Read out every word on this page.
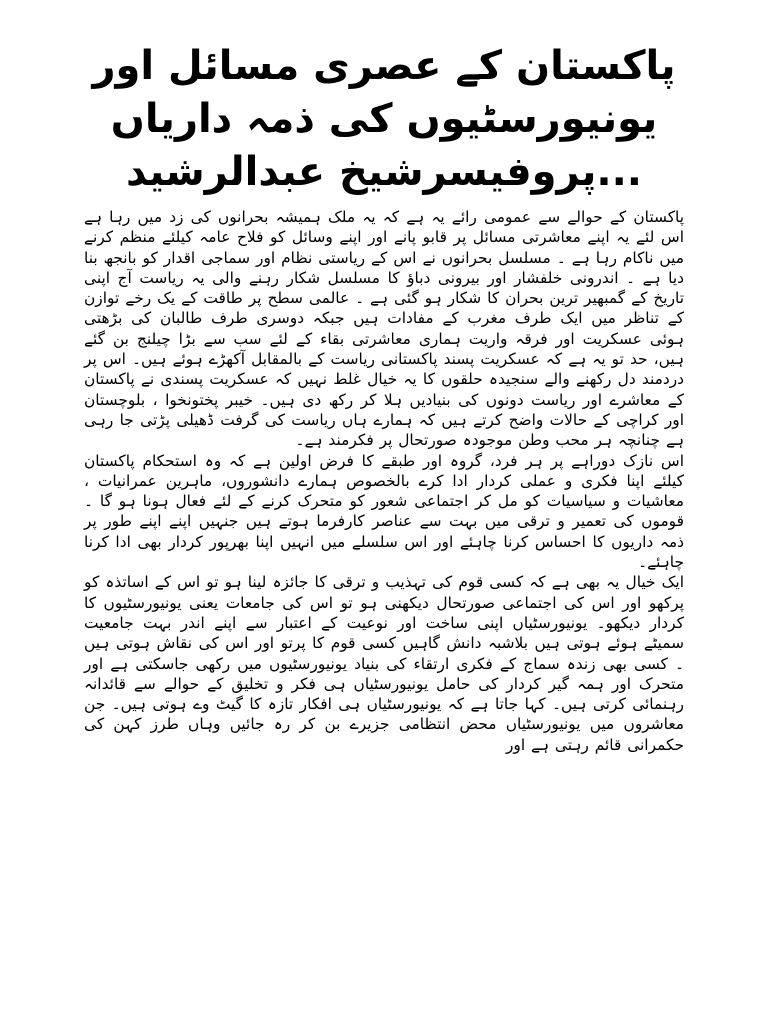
پاکستان کے عصری مسائل اور یونیورسٹیوں کی ذمہ داریاں ...پروفیسرشیخ عبدالرشید

پاکستان کے حوالے سے عمومی رائے یہ ہے کہ یہ ملک ہمیشہ بحرانوں کی زد میں رہا ہے اس لئے یہ اپنے معاشرتی مسائل پر قابو پانے اور اپنے وسائل کو فلاح عامہ کیلئے منظم کرنے میں ناکام رہا ہے ۔ مسلسل بحرانوں نے اس کے ریاستی نظام اور سماجی اقدار کو بانجھ بنا دیا ہے ۔ اندرونی خلفشار اور بیرونی دباؤ کا مسلسل شکار رہنے والی یہ ریاست آج اپنی تاریخ کے گمبھیر ترین بحران کا شکار ہو گئی ہے ۔ عالمی سطح پر طاقت کے یک رخے توازن کے تناظر میں ایک طرف مغرب کے مفادات ہیں جبکہ دوسری طرف طالبان کی بڑھتی ہوئی عسکریت اور فرقہ واریت ہماری معاشرتی بقاء کے لئے سب سے بڑا چیلنج بن گئے ہیں، حد تو یہ ہے کہ عسکریت پسند پاکستانی ریاست کے بالمقابل آکھڑے ہوئے ہیں۔ اس پر دردمند دل رکھنے والے سنجیدہ حلقوں کا یہ خیال غلط نہیں کہ عسکریت پسندی نے پاکستان کے معاشرے اور ریاست دونوں کی بنیادیں ہلا کر رکھ دی ہیں۔ خیبر پختونخوا ، بلوچستان اور کراچی کے حالات واضح کرتے ہیں کہ ہمارے ہاں ریاست کی گرفت ڈھیلی پڑتی جا رہی ہے چنانچہ ہر محب وطن موجودہ صورتحال پر فکرمند ہے۔

اس نازک دوراہے پر ہر فرد، گروہ اور طبقے کا فرض اولین ہے کہ وہ استحکام پاکستان کیلئے اپنا فکری و عملی کردار ادا کرے بالخصوص ہمارے دانشوروں، ماہرین عمرانیات ، معاشیات و سیاسیات کو مل کر اجتماعی شعور کو متحرک کرنے کے لئے فعال ہونا ہو گا ۔ قوموں کی تعمیر و ترقی میں بہت سے عناصر کارفرما ہوتے ہیں جنہیں اپنے اپنے طور پر ذمہ داریوں کا احساس کرنا چاہئے اور اس سلسلے میں انہیں اپنا بھرپور کردار بھی ادا کرنا چاہئے۔

ایک خیال یہ بھی ہے کہ کسی قوم کی تہذیب و ترقی کا جائزہ لینا ہو تو اس کے اساتذہ کو پرکھو اور اس کی اجتماعی صورتحال دیکھنی ہو تو اس کی جامعات یعنی یونیورسٹیوں کا کردار دیکھو۔ یونیورسٹیاں اپنی ساخت اور نوعیت کے اعتبار سے اپنے اندر بہت جامعیت سمیٹے ہوئے ہوتی ہیں بلاشبہ دانش گاہیں کسی قوم کا پرتو اور اس کی نقاش ہوتی ہیں ۔ کسی بھی زندہ سماج کے فکری ارتقاء کی بنیاد یونیورسٹیوں میں رکھی جاسکتی ہے اور متحرک اور ہمہ گیر کردار کی حامل یونیورسٹیاں ہی فکر و تخلیق کے حوالے سے قائدانہ رہنمائی کرتی ہیں۔ کہا جاتا ہے کہ یونیورسٹیاں ہی افکار تازہ کا گیٹ وے ہوتی ہیں۔ جن معاشروں میں یونیورسٹیاں محض انتظامی جزیرے بن کر رہ جائیں وہاں طرز کہن کی حکمرانی قائم رہتی ہے اور
